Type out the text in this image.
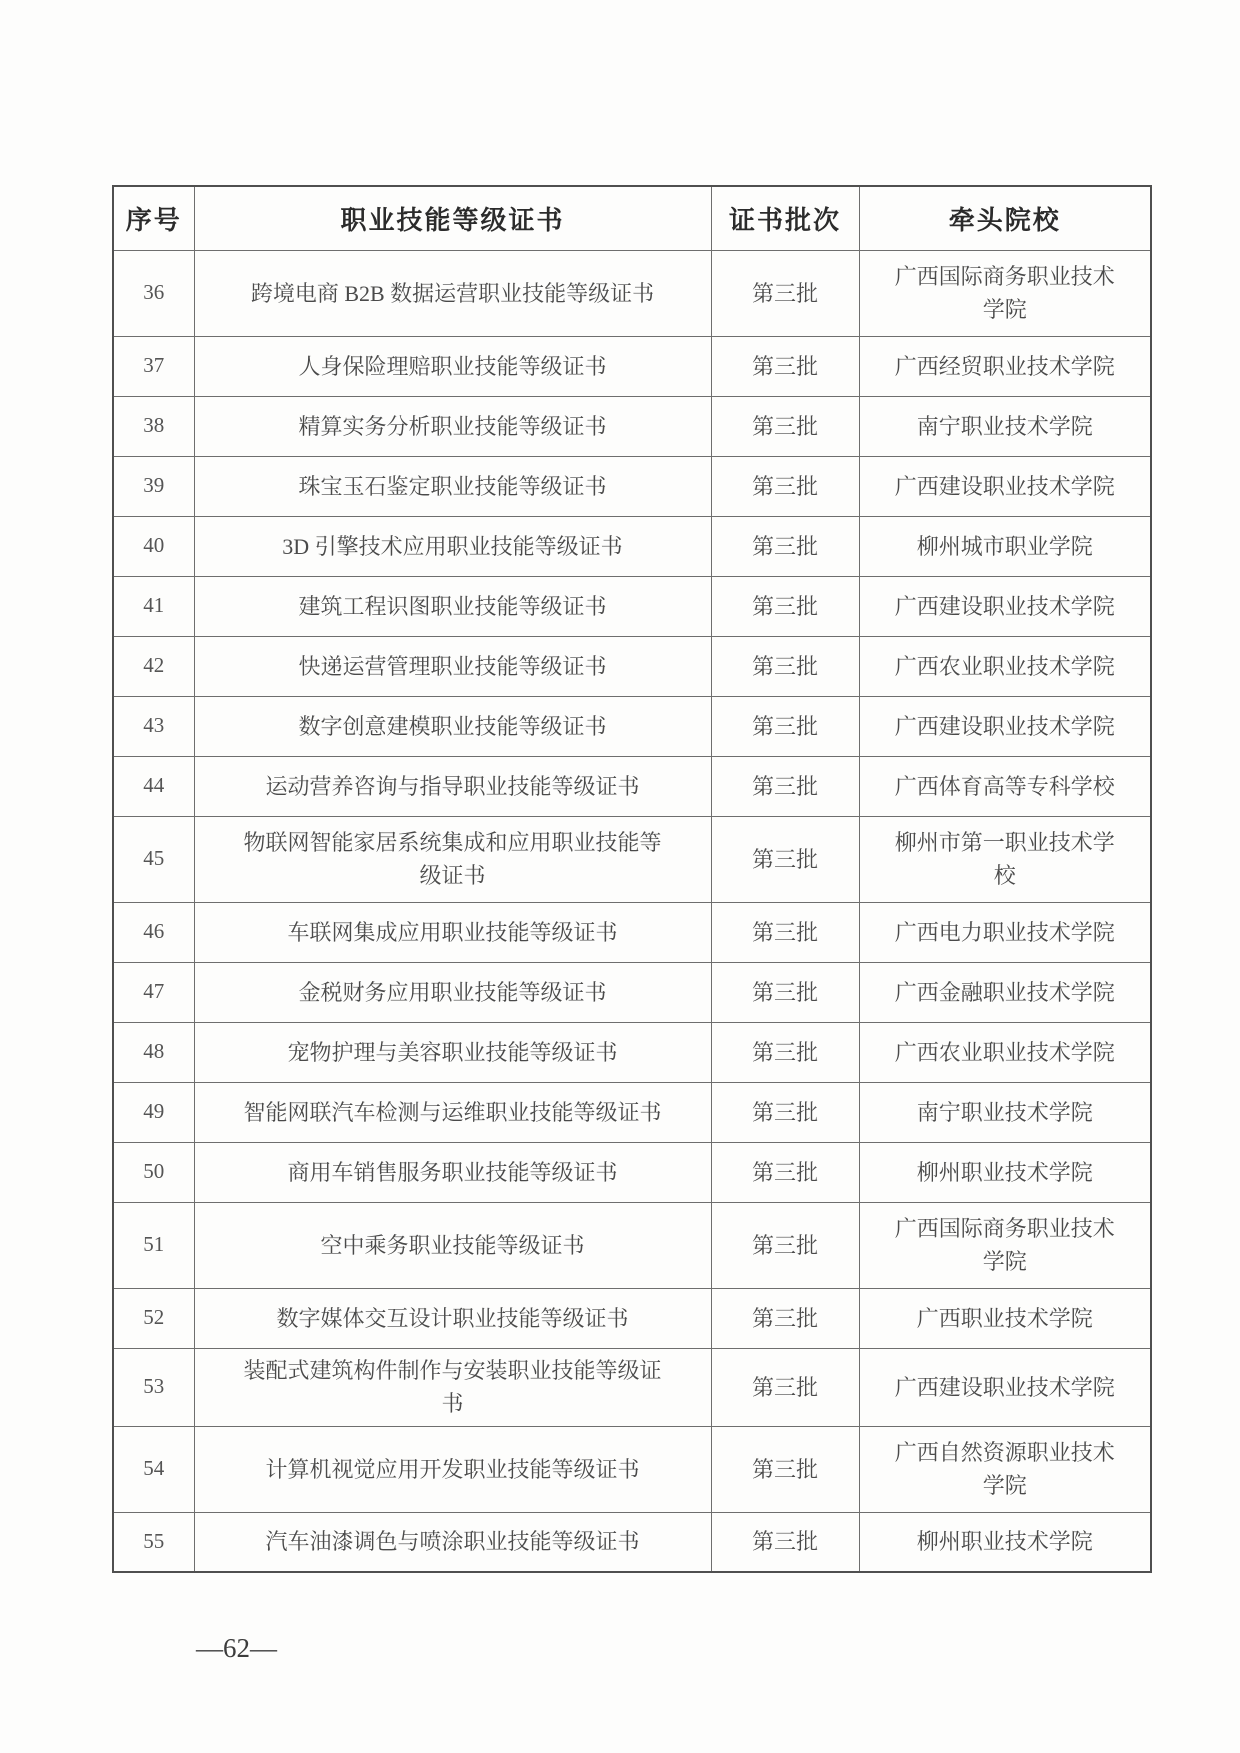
序号	职业技能等级证书	证书批次	牵头院校
36	跨境电商 B2B 数据运营职业技能等级证书	第三批	广西国际商务职业技术学院
37	人身保险理赔职业技能等级证书	第三批	广西经贸职业技术学院
38	精算实务分析职业技能等级证书	第三批	南宁职业技术学院
39	珠宝玉石鉴定职业技能等级证书	第三批	广西建设职业技术学院
40	3D 引擎技术应用职业技能等级证书	第三批	柳州城市职业学院
41	建筑工程识图职业技能等级证书	第三批	广西建设职业技术学院
42	快递运营管理职业技能等级证书	第三批	广西农业职业技术学院
43	数字创意建模职业技能等级证书	第三批	广西建设职业技术学院
44	运动营养咨询与指导职业技能等级证书	第三批	广西体育高等专科学校
45	物联网智能家居系统集成和应用职业技能等级证书	第三批	柳州市第一职业技术学校
46	车联网集成应用职业技能等级证书	第三批	广西电力职业技术学院
47	金税财务应用职业技能等级证书	第三批	广西金融职业技术学院
48	宠物护理与美容职业技能等级证书	第三批	广西农业职业技术学院
49	智能网联汽车检测与运维职业技能等级证书	第三批	南宁职业技术学院
50	商用车销售服务职业技能等级证书	第三批	柳州职业技术学院
51	空中乘务职业技能等级证书	第三批	广西国际商务职业技术学院
52	数字媒体交互设计职业技能等级证书	第三批	广西职业技术学院
53	装配式建筑构件制作与安装职业技能等级证书	第三批	广西建设职业技术学院
54	计算机视觉应用开发职业技能等级证书	第三批	广西自然资源职业技术学院
55	汽车油漆调色与喷涂职业技能等级证书	第三批	柳州职业技术学院
—62—
